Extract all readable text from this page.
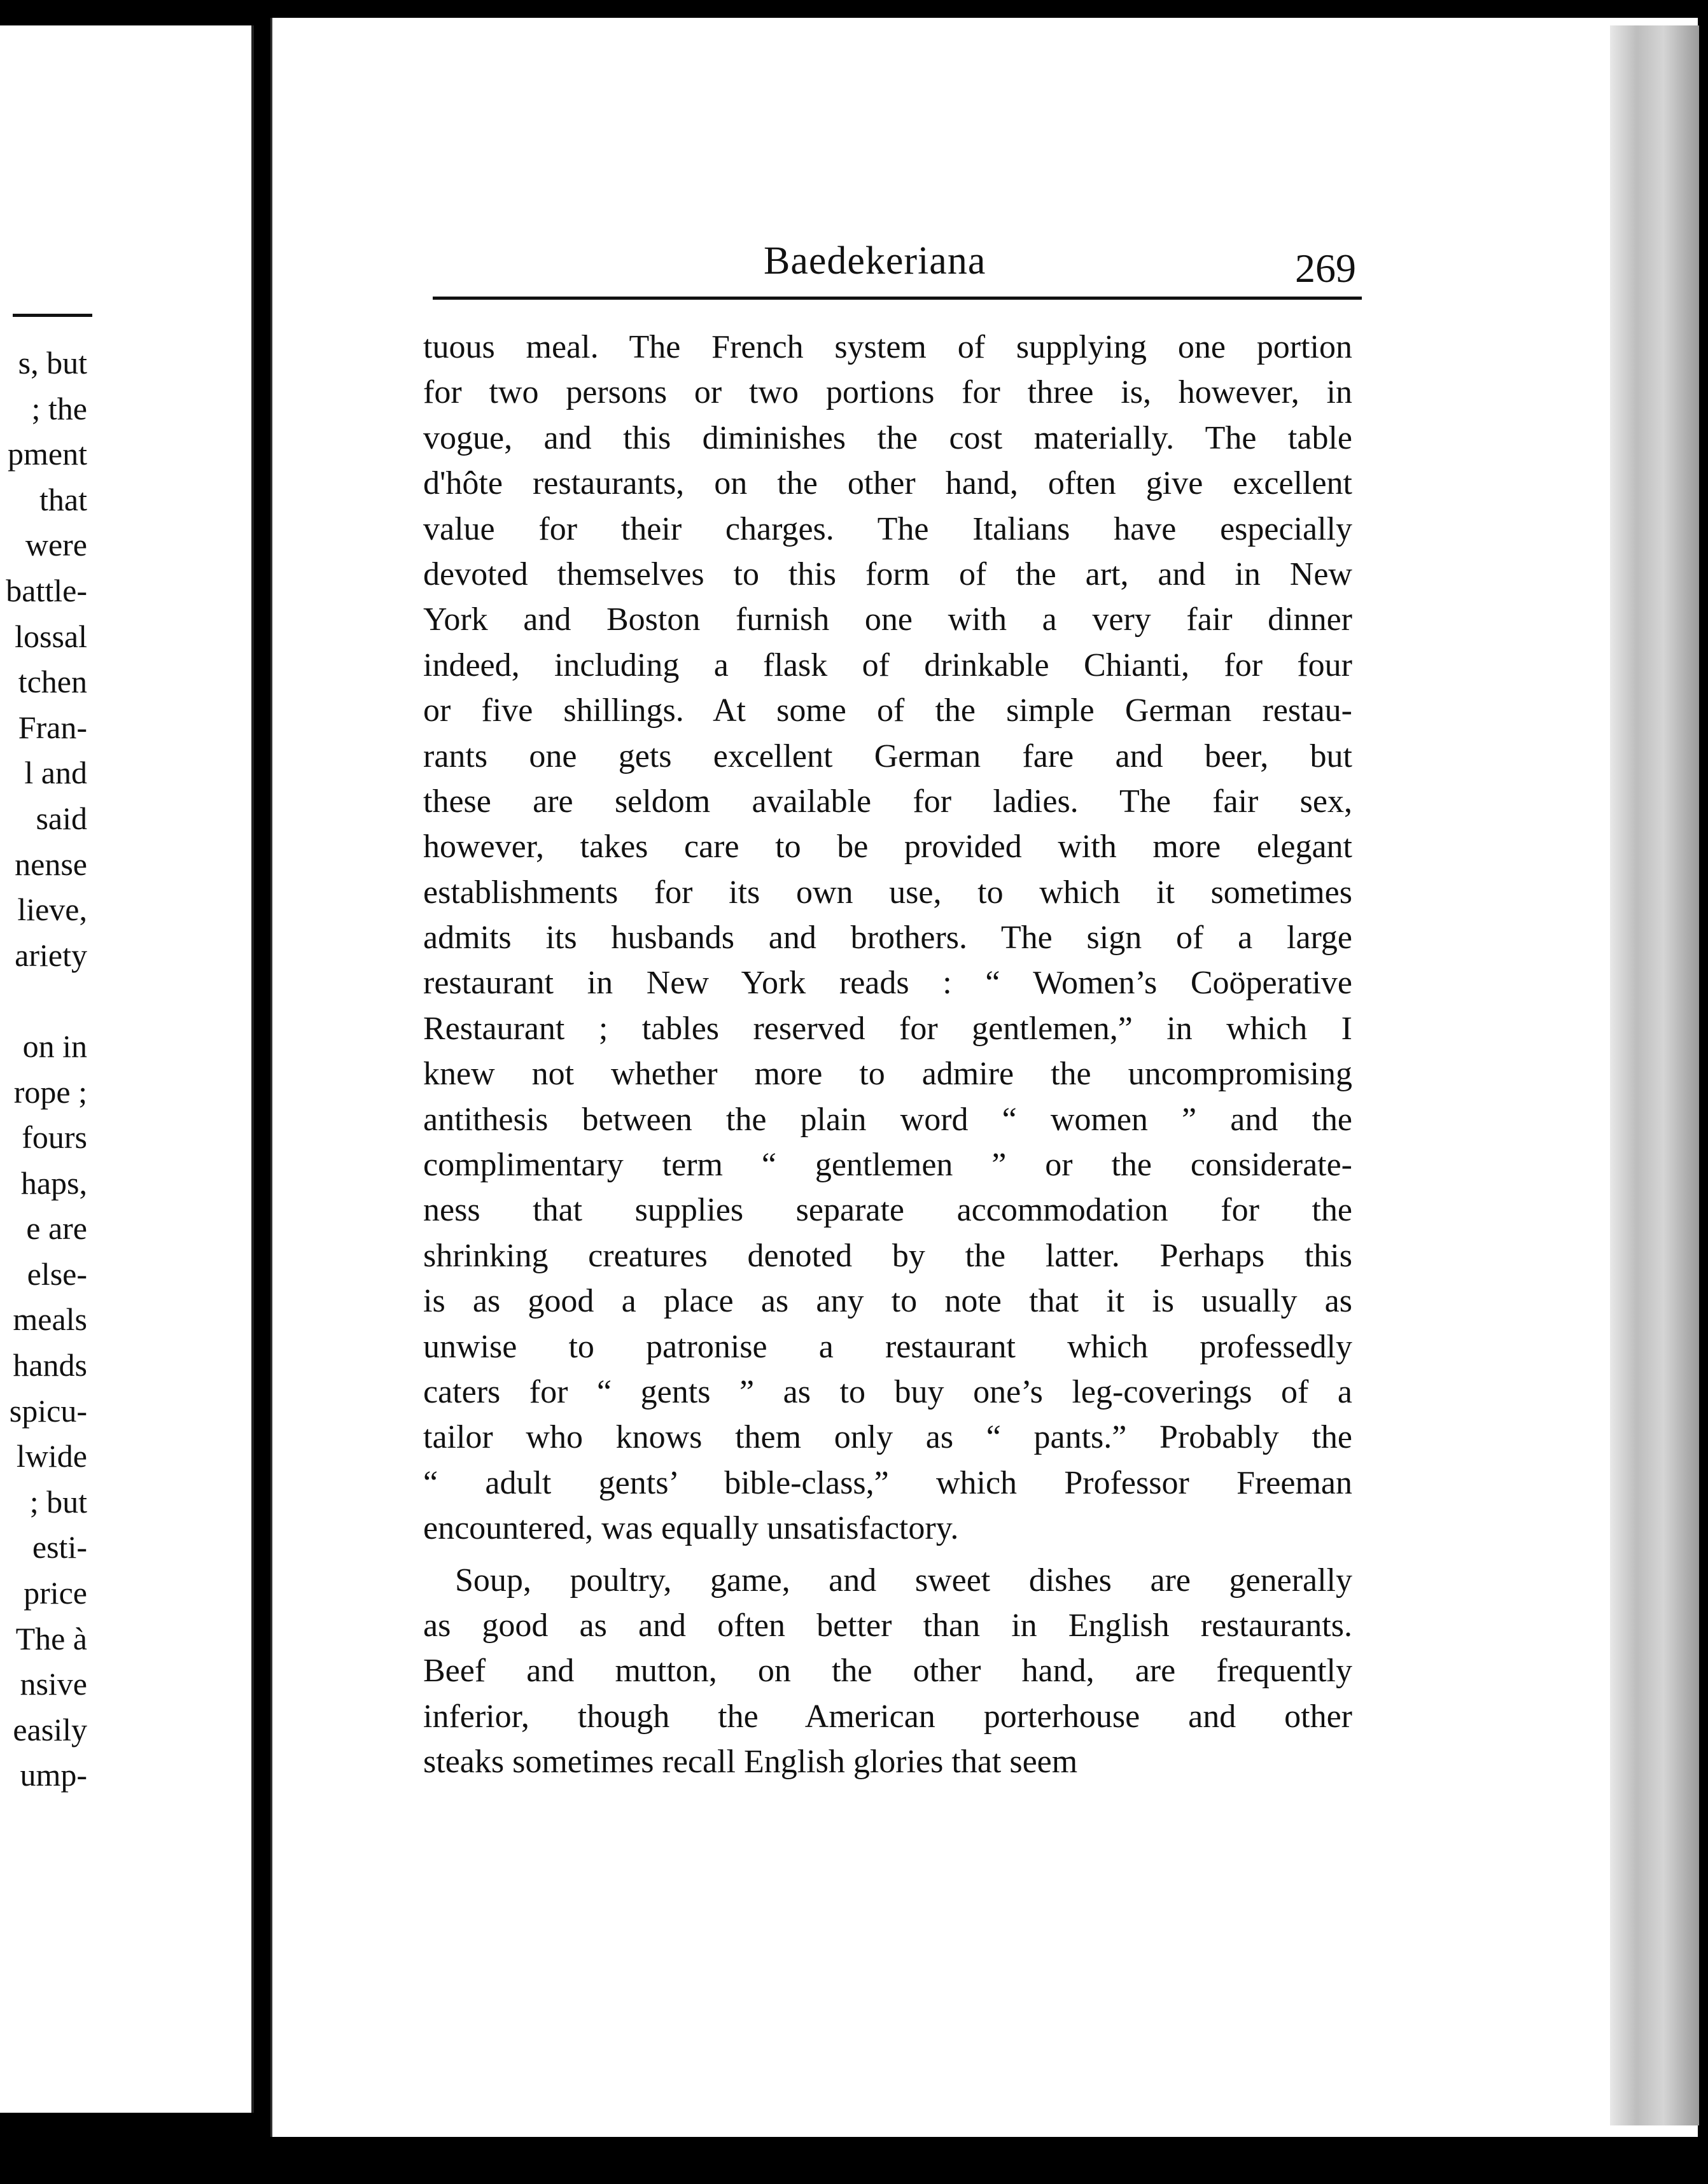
s, but
; the
pment
that
were
battle-
lossal
tchen
Fran-
l and
said
nense
lieve,
ariety
on in
rope ;
fours
haps,
e are
else-
meals
hands
spicu-
lwide
; but
esti-
price
The à
nsive
easily
ump-
Baedekeriana	269
tuous meal. The French system of supplying one portion
for two persons or two portions for three is, however, in
vogue, and this diminishes the cost materially. The table
d'hôte restaurants, on the other hand, often give excellent
value for their charges. The Italians have especially
devoted themselves to this form of the art, and in New
York and Boston furnish one with a very fair dinner
indeed, including a flask of drinkable Chianti, for four
or five shillings. At some of the simple German restau-
rants one gets excellent German fare and beer, but
these are seldom available for ladies. The fair sex,
however, takes care to be provided with more elegant
establishments for its own use, to which it sometimes
admits its husbands and brothers. The sign of a large
restaurant in New York reads : “ Women’s Coöperative
Restaurant ; tables reserved for gentlemen,” in which I
knew not whether more to admire the uncompromising
antithesis between the plain word “ women ” and the
complimentary term “ gentlemen ” or the considerate-
ness that supplies separate accommodation for the
shrinking creatures denoted by the latter. Perhaps this
is as good a place as any to note that it is usually as
unwise to patronise a restaurant which professedly
caters for “ gents ” as to buy one’s leg-coverings of a
tailor who knows them only as “ pants.” Probably the
“ adult gents’ bible-class,” which Professor Freeman
encountered, was equally unsatisfactory.
Soup, poultry, game, and sweet dishes are generally
as good as and often better than in English restaurants.
Beef and mutton, on the other hand, are frequently
inferior, though the American porterhouse and other
steaks sometimes recall English glories that seem
